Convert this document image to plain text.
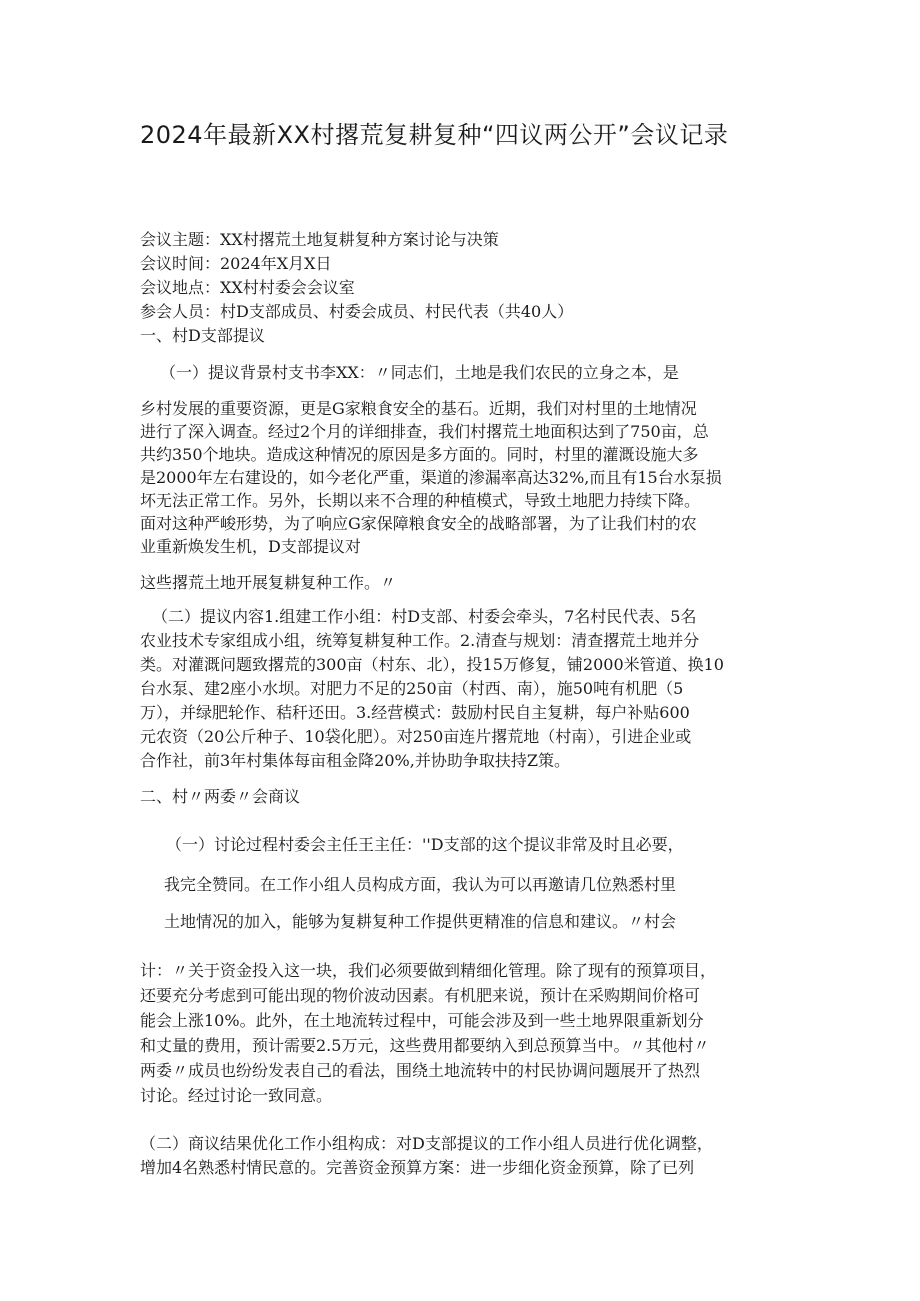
2024年最新XX村撂荒复耕复种“四议两公开”会议记录

会议主题：XX村撂荒土地复耕复种方案讨论与决策

会议时间：2024年X月X日

会议地点：XX村村委会会议室

参会人员：村D支部成员、村委会成员、村民代表（共40人）

一、村D支部提议

（一）提议背景村支书李XX：〃同志们，土地是我们农民的立身之本，是

乡村发展的重要资源，更是G家粮食安全的基石。近期，我们对村里的土地情况

进行了深入调查。经过2个月的详细排查，我们村撂荒土地面积达到了750亩，总

共约350个地块。造成这种情况的原因是多方面的。同时，村里的灌溉设施大多

是2000年左右建设的，如今老化严重，渠道的渗漏率高达32%,而且有15台水泵损

坏无法正常工作。另外，长期以来不合理的种植模式，导致土地肥力持续下降。

面对这种严峻形势，为了响应G家保障粮食安全的战略部署，为了让我们村的农

业重新焕发生机，D支部提议对

这些撂荒土地开展复耕复种工作。〃

（二）提议内容1.组建工作小组：村D支部、村委会牵头，7名村民代表、5名

农业技术专家组成小组，统筹复耕复种工作。2.清查与规划：清查撂荒土地并分

类。对灌溉问题致撂荒的300亩（村东、北），投15万修复，铺2000米管道、换10

台水泵、建2座小水坝。对肥力不足的250亩（村西、南），施50吨有机肥（5

万），并绿肥轮作、秸秆还田。3.经营模式：鼓励村民自主复耕，每户补贴600

元农资（20公斤种子、10袋化肥）。对250亩连片撂荒地（村南），引进企业或

合作社，前3年村集体每亩租金降20%,并协助争取扶持Z策。

二、村〃两委〃会商议

（一）讨论过程村委会主任王主任：''D支部的这个提议非常及时且必要，

我完全赞同。在工作小组人员构成方面，我认为可以再邀请几位熟悉村里

土地情况的加入，能够为复耕复种工作提供更精准的信息和建议。〃村会

计：〃关于资金投入这一块，我们必须要做到精细化管理。除了现有的预算项目，

还要充分考虑到可能出现的物价波动因素。有机肥来说，预计在采购期间价格可

能会上涨10%。此外，在土地流转过程中，可能会涉及到一些土地界限重新划分

和丈量的费用，预计需要2.5万元，这些费用都要纳入到总预算当中。〃其他村〃

两委〃成员也纷纷发表自己的看法，围绕土地流转中的村民协调问题展开了热烈

讨论。经过讨论一致同意。

（二）商议结果优化工作小组构成：对D支部提议的工作小组人员进行优化调整，

增加4名熟悉村情民意的。完善资金预算方案：进一步细化资金预算，除了已列
